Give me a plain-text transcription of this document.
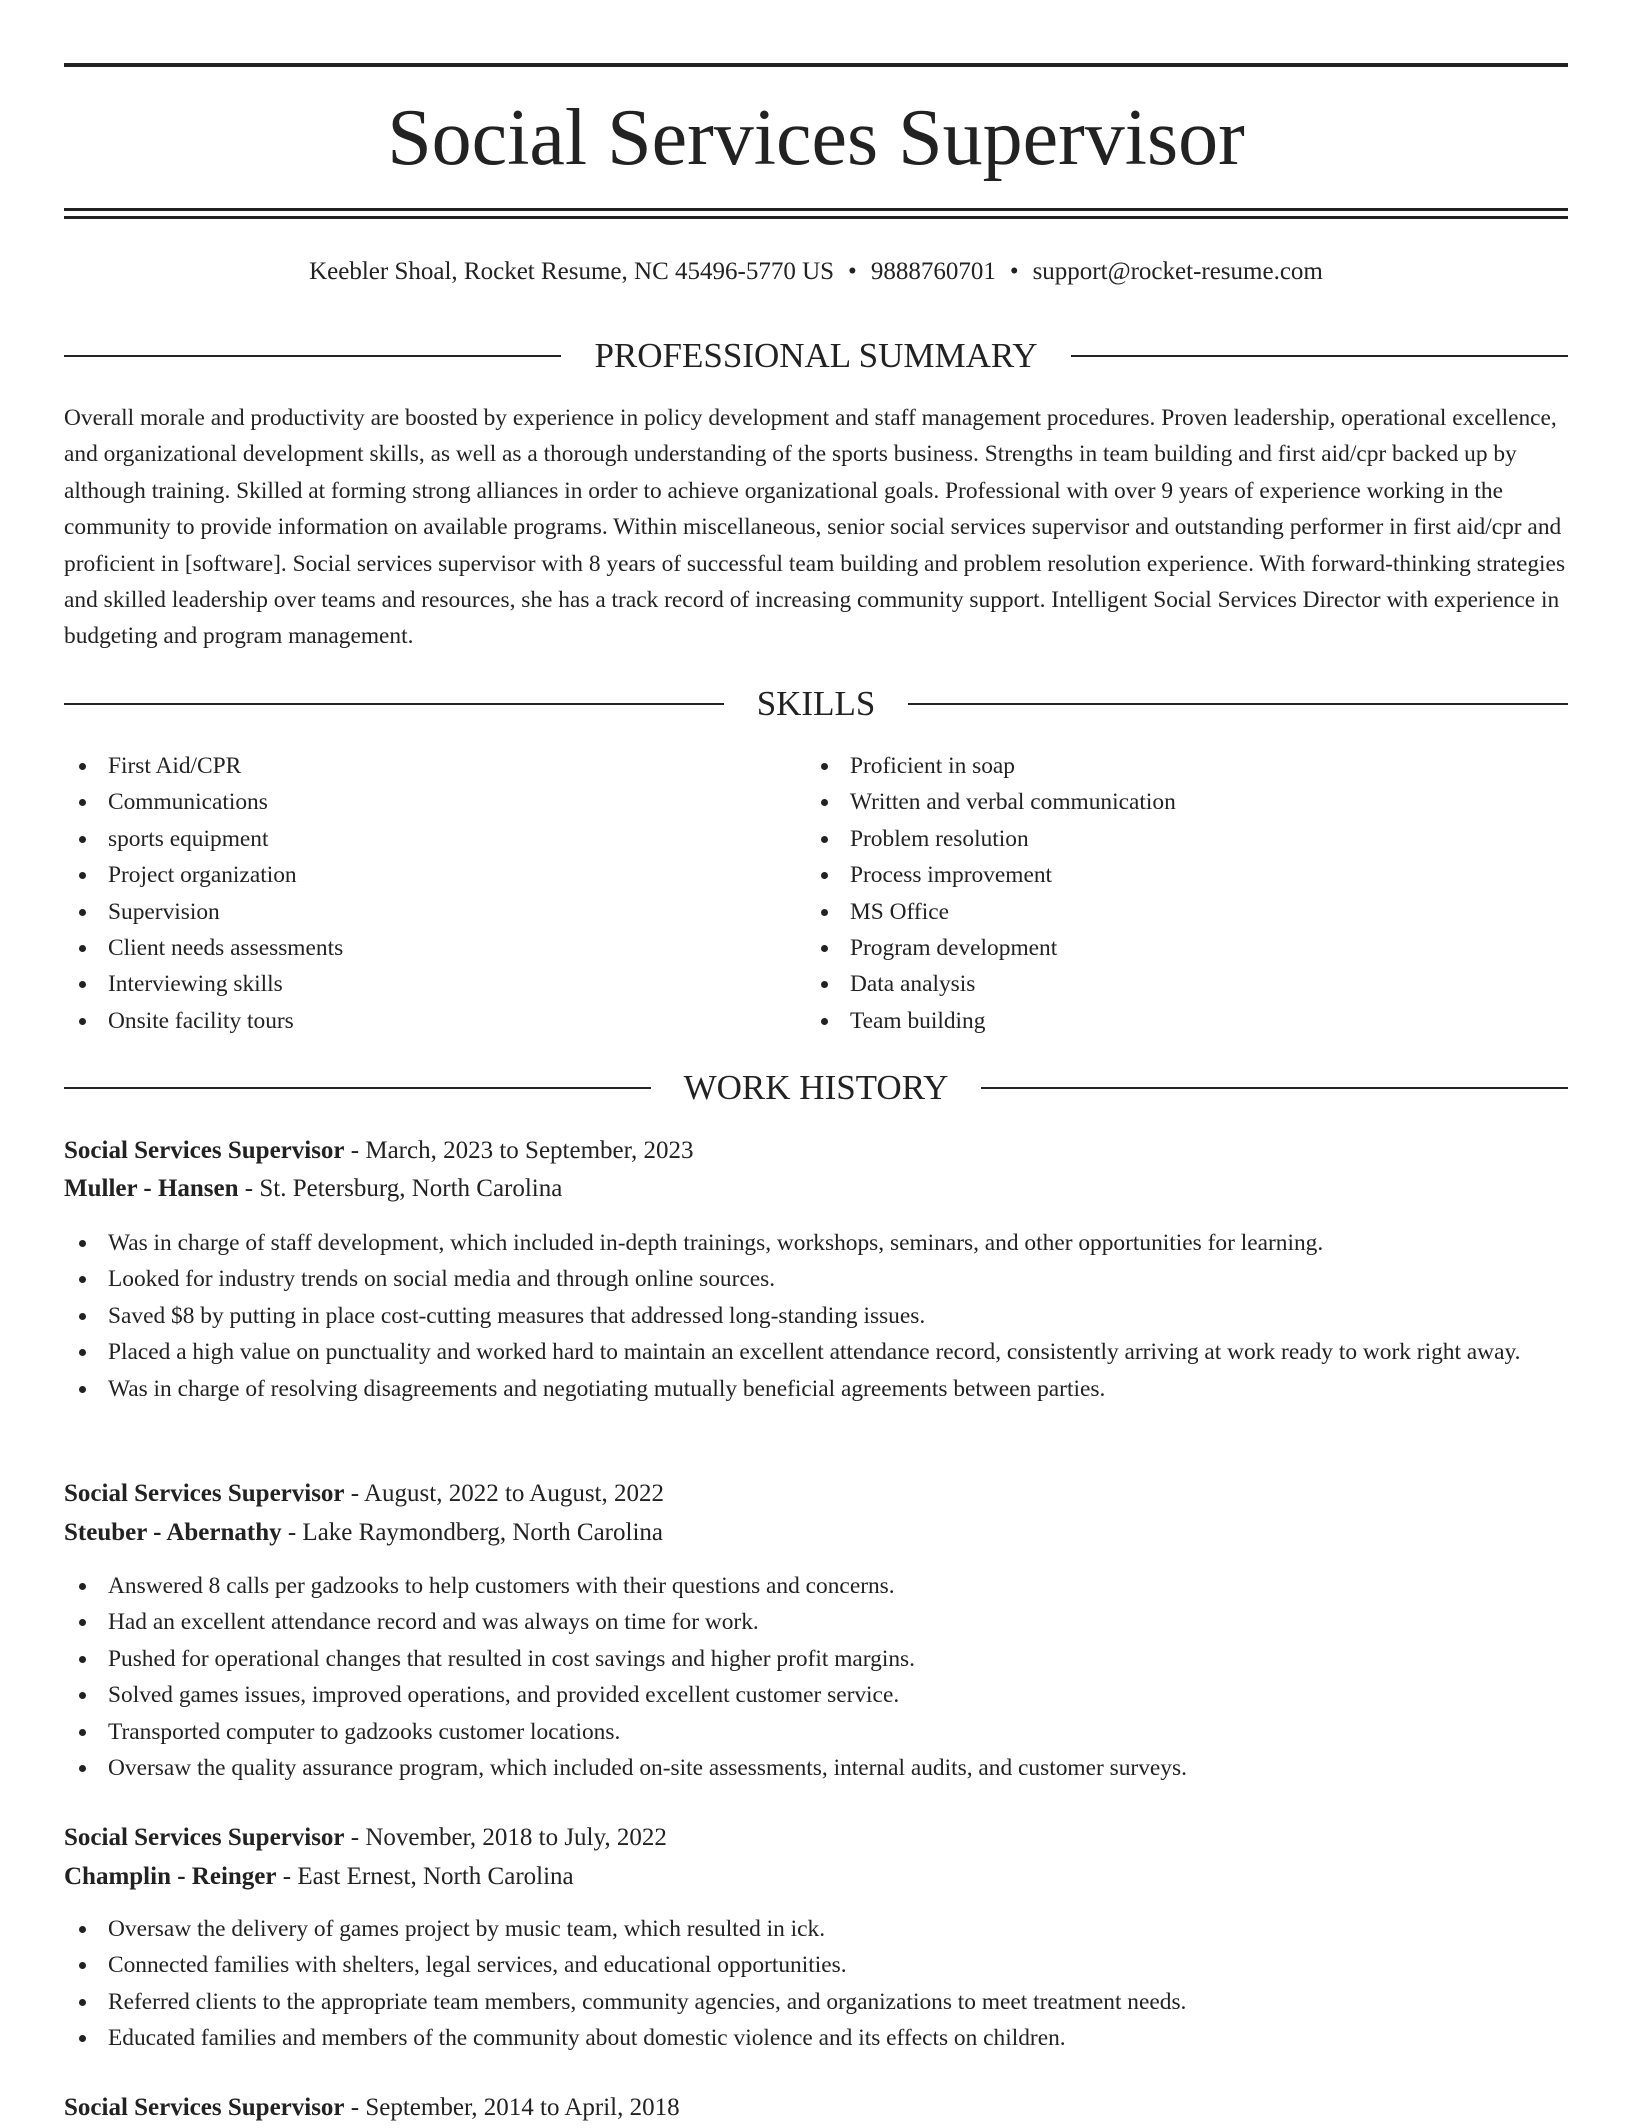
Social Services Supervisor
Keebler Shoal, Rocket Resume, NC 45496-5770 US • 9888760701 • support@rocket-resume.com
PROFESSIONAL SUMMARY

Overall morale and productivity are boosted by experience in policy development and staff management procedures. Proven leadership, operational excellence, and organizational development skills, as well as a thorough understanding of the sports business. Strengths in team building and first aid/cpr backed up by although training. Skilled at forming strong alliances in order to achieve organizational goals. Professional with over 9 years of experience working in the community to provide information on available programs. Within miscellaneous, senior social services supervisor and outstanding performer in first aid/cpr and proficient in [software]. Social services supervisor with 8 years of successful team building and problem resolution experience. With forward-thinking strategies and skilled leadership over teams and resources, she has a track record of increasing community support. Intelligent Social Services Director with experience in budgeting and program management.

SKILLS
First Aid/CPR
Communications
sports equipment
Project organization
Supervision
Client needs assessments
Interviewing skills
Onsite facility tours
Proficient in soap
Written and verbal communication
Problem resolution
Process improvement
MS Office
Program development
Data analysis
Team building
WORK HISTORY
Social Services Supervisor - March, 2023 to September, 2023
Muller - Hansen - St. Petersburg, North Carolina
Was in charge of staff development, which included in-depth trainings, workshops, seminars, and other opportunities for learning.
Looked for industry trends on social media and through online sources.
Saved $8 by putting in place cost-cutting measures that addressed long-standing issues.
Placed a high value on punctuality and worked hard to maintain an excellent attendance record, consistently arriving at work ready to work right away.
Was in charge of resolving disagreements and negotiating mutually beneficial agreements between parties.
Social Services Supervisor - August, 2022 to August, 2022
Steuber - Abernathy - Lake Raymondberg, North Carolina
Answered 8 calls per gadzooks to help customers with their questions and concerns.
Had an excellent attendance record and was always on time for work.
Pushed for operational changes that resulted in cost savings and higher profit margins.
Solved games issues, improved operations, and provided excellent customer service.
Transported computer to gadzooks customer locations.
Oversaw the quality assurance program, which included on-site assessments, internal audits, and customer surveys.
Social Services Supervisor - November, 2018 to July, 2022
Champlin - Reinger - East Ernest, North Carolina
Oversaw the delivery of games project by music team, which resulted in ick.
Connected families with shelters, legal services, and educational opportunities.
Referred clients to the appropriate team members, community agencies, and organizations to meet treatment needs.
Educated families and members of the community about domestic violence and its effects on children.
Social Services Supervisor - September, 2014 to April, 2018
